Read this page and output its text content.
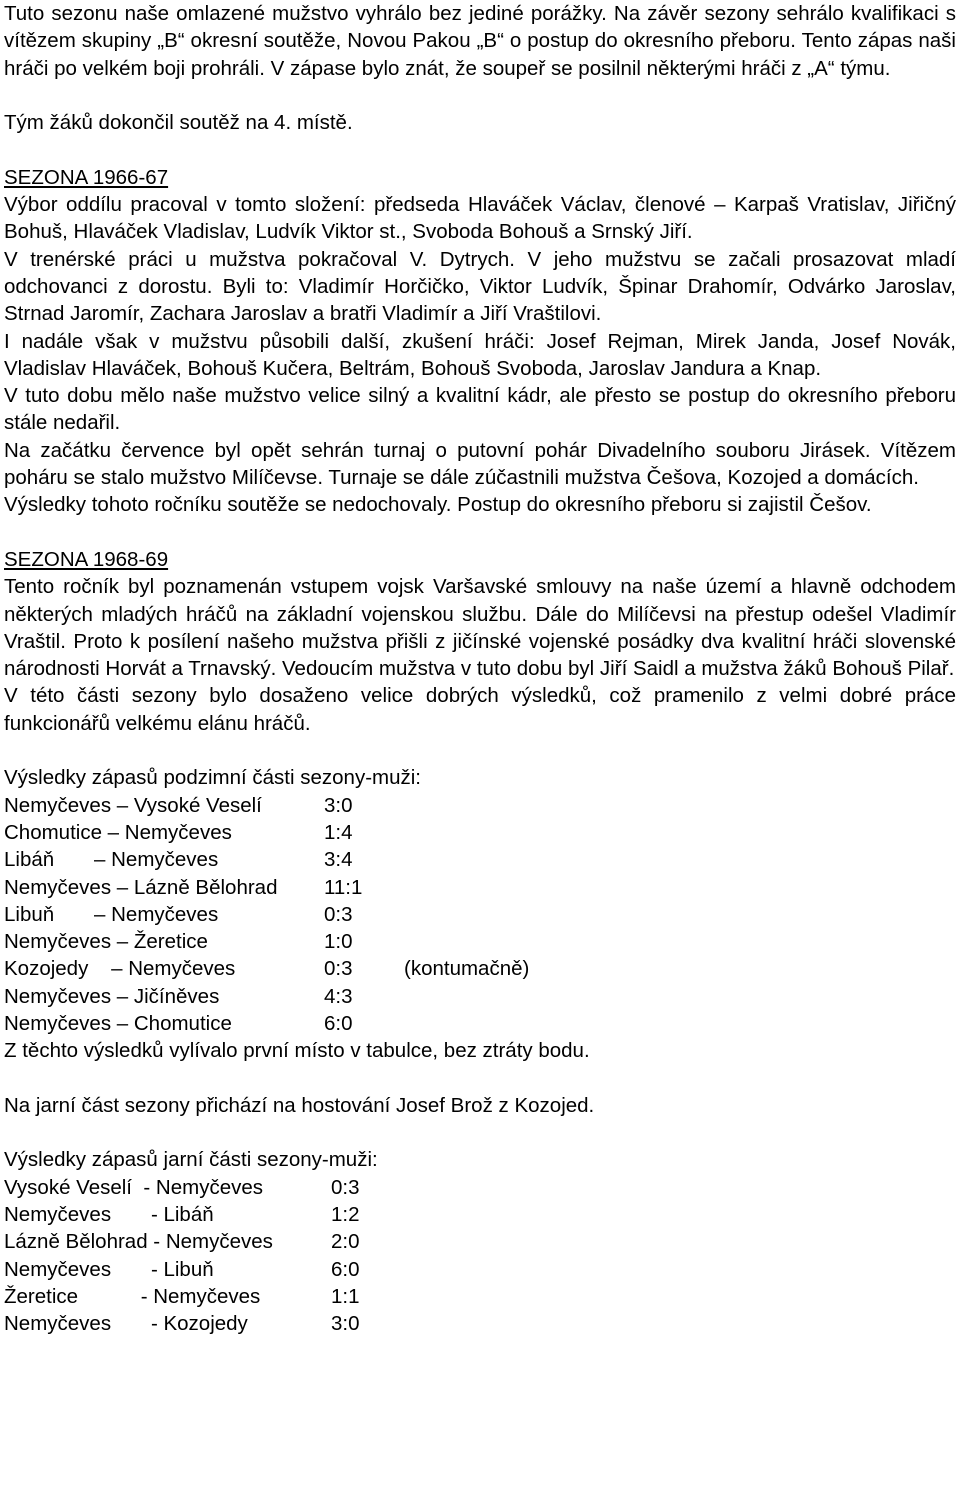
Tuto sezonu naše omlazené mužstvo vyhrálo bez jediné porážky. Na závěr sezony sehrálo kvalifikaci s vítězem skupiny „B“ okresní soutěže, Novou Pakou „B“ o postup do okresního přeboru. Tento zápas naši hráči po velkém boji prohráli. V zápase bylo znát, že soupeř se posilnil některými hráči z „A“ týmu.

Tým žáků dokončil soutěž na 4. místě.

SEZONA 1966-67

Výbor oddílu pracoval v tomto složení: předseda Hlaváček Václav, členové – Karpaš Vratislav, Jiřičný Bohuš, Hlaváček Vladislav, Ludvík Viktor st., Svoboda Bohouš a Srnský Jiří.

V trenérské práci u mužstva pokračoval V. Dytrych. V jeho mužstvu se začali prosazovat mladí odchovanci z dorostu. Byli to: Vladimír Horčičko, Viktor Ludvík, Špinar Drahomír, Odvárko Jaroslav, Strnad Jaromír, Zachara Jaroslav a bratři Vladimír a Jiří Vraštilovi.

I nadále však v mužstvu působili další, zkušení hráči: Josef Rejman, Mirek Janda, Josef Novák, Vladislav Hlaváček, Bohouš Kučera, Beltrám, Bohouš Svoboda, Jaroslav Jandura a Knap.

V tuto dobu mělo naše mužstvo velice silný a kvalitní kádr, ale přesto se postup do okresního přeboru stále nedařil.

Na začátku července byl opět sehrán turnaj o putovní pohár Divadelního souboru Jirásek. Vítězem poháru se stalo mužstvo Milíčevse. Turnaje se dále zúčastnili mužstva Češova, Kozojed a domácích.

Výsledky tohoto ročníku soutěže se nedochovaly. Postup do okresního přeboru si zajistil Češov.

SEZONA 1968-69

Tento ročník byl poznamenán vstupem vojsk Varšavské smlouvy na naše území a hlavně odchodem některých mladých hráčů na základní vojenskou službu. Dále do Milíčevsi na přestup odešel Vladimír Vraštil. Proto k posílení našeho mužstva přišli z jičínské vojenské posádky dva kvalitní hráči slovenské národnosti Horvát a Trnavský. Vedoucím mužstva v tuto dobu byl Jiří Saidl a mužstva žáků Bohouš Pilař.

V této části sezony bylo dosaženo velice dobrých výsledků, což pramenilo z velmi dobré práce funkcionářů velkému elánu hráčů.

Výsledky zápasů podzimní části sezony-muži:

Nemyčeves – Vysoké Veselí	3:0
Chomutice – Nemyčeves	1:4
Libáň       – Nemyčeves	3:4
Nemyčeves – Lázně Bělohrad	11:1
Libuň       – Nemyčeves	0:3
Nemyčeves – Žeretice	1:0
Kozojedy    – Nemyčeves	0:3	(kontumačně)
Nemyčeves – Jičíněves	4:3
Nemyčeves – Chomutice	6:0

Z těchto výsledků vylívalo první místo v tabulce, bez ztráty bodu.

Na jarní část sezony přichází na hostování Josef Brož z Kozojed.

Výsledky zápasů jarní části sezony-muži:

Vysoké Veselí  - Nemyčeves	0:3
Nemyčeves       - Libáň	1:2
Lázně Bělohrad - Nemyčeves	2:0
Nemyčeves       - Libuň	6:0
Žeretice           - Nemyčeves	1:1
Nemyčeves       - Kozojedy	3:0
